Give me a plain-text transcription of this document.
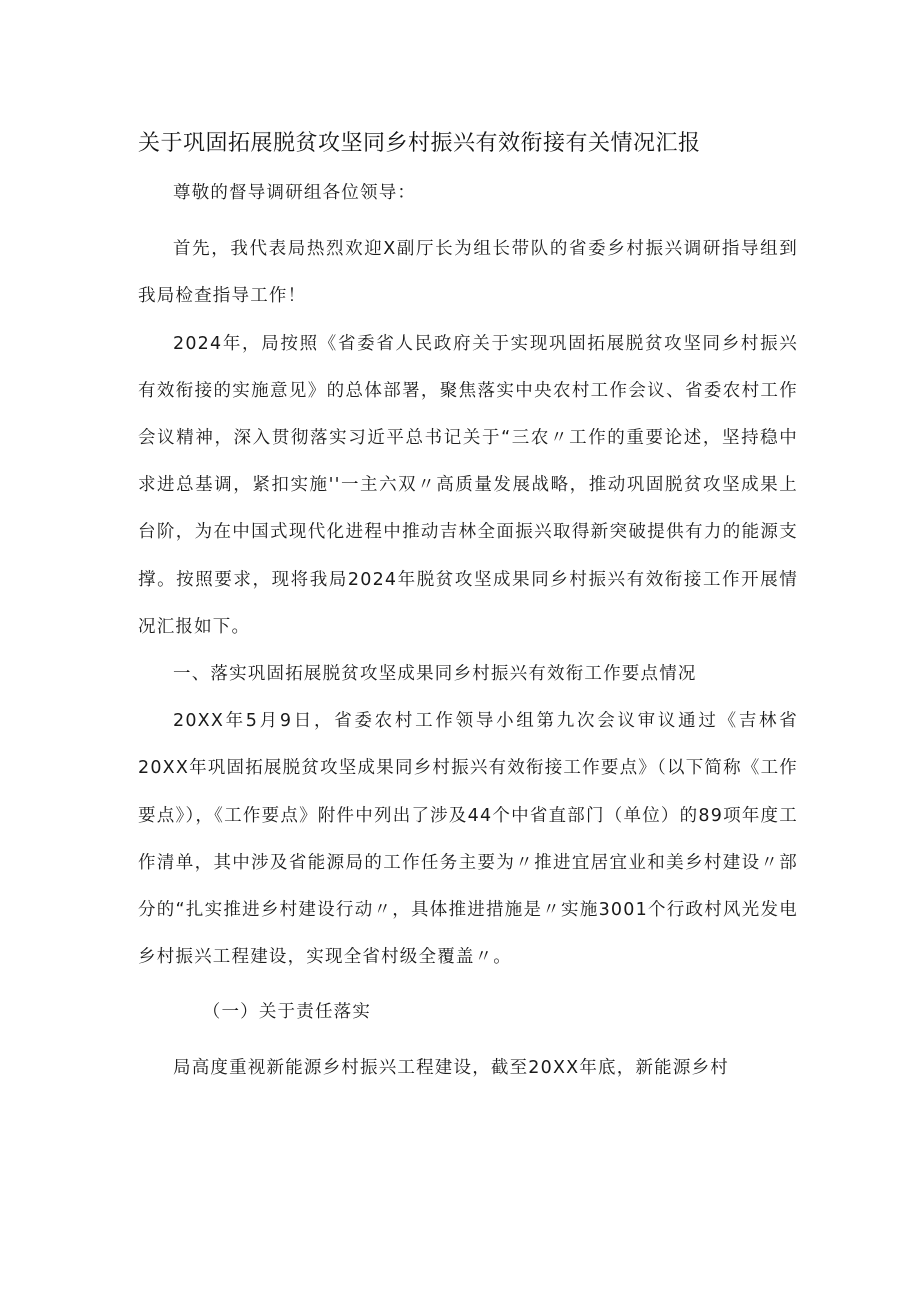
关于巩固拓展脱贫攻坚同乡村振兴有效衔接有关情况汇报

尊敬的督导调研组各位领导：

首先，我代表局热烈欢迎X副厅长为组长带队的省委乡村振兴调研指导组到我局检查指导工作！

2024年，局按照《省委省人民政府关于实现巩固拓展脱贫攻坚同乡村振兴有效衔接的实施意见》的总体部署，聚焦落实中央农村工作会议、省委农村工作会议精神，深入贯彻落实习近平总书记关于“三农〃工作的重要论述，坚持稳中求进总基调，紧扣实施''一主六双〃高质量发展战略，推动巩固脱贫攻坚成果上台阶，为在中国式现代化进程中推动吉林全面振兴取得新突破提供有力的能源支撑。按照要求，现将我局2024年脱贫攻坚成果同乡村振兴有效衔接工作开展情况汇报如下。

一、落实巩固拓展脱贫攻坚成果同乡村振兴有效衔工作要点情况

20XX年5月9日，省委农村工作领导小组第九次会议审议通过《吉林省20XX年巩固拓展脱贫攻坚成果同乡村振兴有效衔接工作要点》（以下简称《工作要点》），《工作要点》附件中列出了涉及44个中省直部门（单位）的89项年度工作清单，其中涉及省能源局的工作任务主要为〃推进宜居宜业和美乡村建设〃部分的“扎实推进乡村建设行动〃，具体推进措施是〃实施3001个行政村风光发电乡村振兴工程建设，实现全省村级全覆盖〃。

（一）关于责任落实

局高度重视新能源乡村振兴工程建设，截至20XX年底，新能源乡村
